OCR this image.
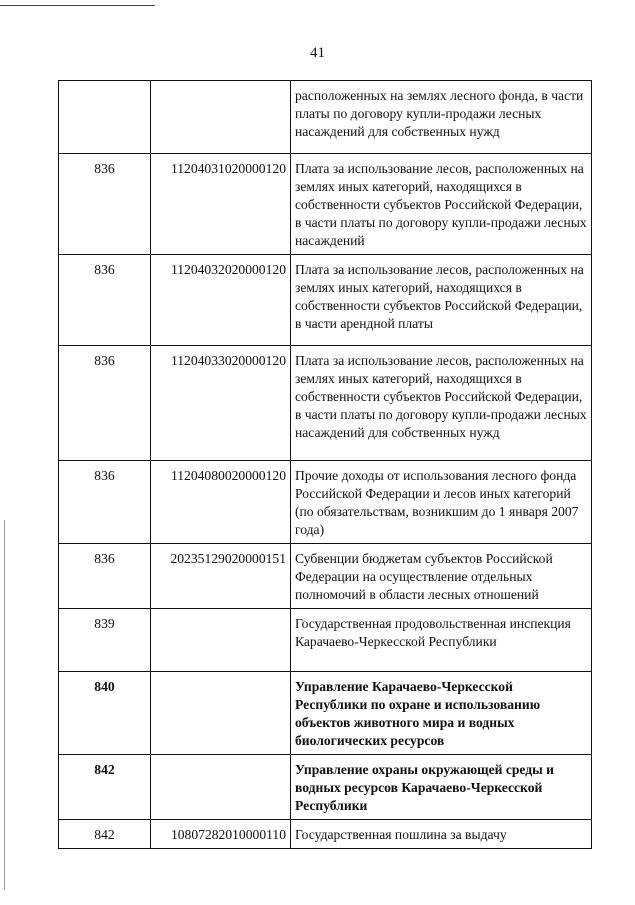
41
		расположенных на землях лесного фонда, в части платы по договору купли-продажи лесных насаждений для собственных нужд
836	11204031020000120	Плата за использование лесов, расположенных на землях иных категорий, находящихся в собственности субъектов Российской Федерации, в части платы по договору купли-продажи лесных насаждений
836	11204032020000120	Плата за использование лесов, расположенных на землях иных категорий, находящихся в собственности субъектов Российской Федерации, в части арендной платы
836	11204033020000120	Плата за использование лесов, расположенных на землях иных категорий, находящихся в собственности субъектов Российской Федерации, в части платы по договору купли-продажи лесных насаждений для собственных нужд
836	11204080020000120	Прочие доходы от использования лесного фонда Российской Федерации и лесов иных категорий (по обязательствам, возникшим до 1 января 2007 года)
836	20235129020000151	Субвенции бюджетам субъектов Российской Федерации на осуществление отдельных полномочий в области лесных отношений
839		Государственная продовольственная инспекция Карачаево-Черкесской Республики
840		Управление Карачаево-Черкесской Республики по охране и использованию объектов животного мира и водных биологических ресурсов
842		Управление охраны окружающей среды и водных ресурсов Карачаево-Черкесской Республики
842	10807282010000110	Государственная пошлина за выдачу
